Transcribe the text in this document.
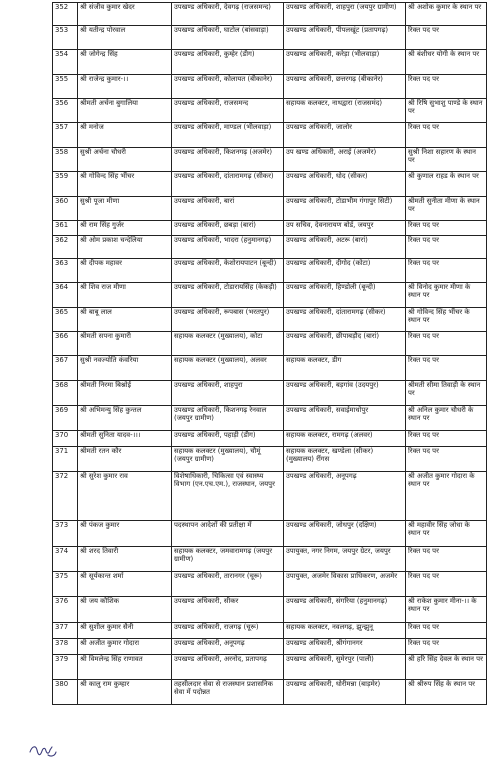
352	श्री संजीव कुमार खेदर	उपखण्ड अधिकारी, देवगढ़ (राजसमन्द)	उपखण्ड अधिकारी, शाहपुरा (जयपुर ग्रामीण)	श्री अशोक कुमार के स्थान पर
353	श्री यतीन्द्र पोरवाल	उपखण्ड अधिकारी, घाटोल (बांसवाड़ा)	उपखण्ड अधिकारी, पीपलखूंट (प्रतापगढ़)	रिक्त पद पर
354	श्री जोगेन्द्र सिंह	उपखण्ड अधिकारी, कुम्हेर (डीग)	उपखण्ड अधिकारी, करेड़ा (भीलवाड़ा)	श्री बंशीधर योगी के स्थान पर
355	श्री राजेन्द्र कुमार-।।	उपखण्ड अधिकारी, कोलायत (बीकानेर)	उपखण्ड अधिकारी, छत्तरगढ़ (बीकानेर)	रिक्त पद पर
356	श्रीमती अर्चना बुगालिया	उपखण्ड अधिकारी, राजसमन्द	सहायक कलक्टर, नाथद्वारा (राजसमंद)	श्री रिषि सुभाशु पाण्डे के स्थान पर
357	श्री मनोज	उपखण्ड अधिकारी, माण्डल (भीलवाड़ा)	उपखण्ड अधिकारी, जालोर	रिक्त पद पर
358	सुश्री अर्चना चौधरी	उपखण्ड अधिकारी, किशनगढ़ (अजमेर)	उप खण्ड अधिकारी, अराई (अजमेर)	सुश्री निशा सहारण के स्थान पर
359	श्री गोविन्द सिंह भींचर	उपखण्ड अधिकारी, दांतारामगढ़ (सीकर)	उपखण्ड अधिकारी, धोद (सीकर)	श्री कुणाल राहड के स्थान पर
360	सुश्री पूजा मीणा	उपखण्ड अधिकारी, बारां	उपखण्ड अधिकारी, टोडाभीम गंगापुर सिटी)	श्रीमती सुनीता मीणा के स्थान पर
361	श्री राम सिंह गुर्जर	उपखण्ड अधिकारी, छबड़ा (बारां)	उप सचिव, देवनारायण बोर्ड, जयपुर	रिक्त पद पर
362	श्री ओम प्रकाश चन्देलिया	उपखण्ड अधिकारी, भादरा (हनुमानगढ़)	उपखण्ड अधिकारी, अटरू (बारां)	रिक्त पद पर
363	श्री दीपक महावर	उपखण्ड अधिकारी, केशोरायपाटन (बून्दी)	उपखण्ड अधिकारी, दीगोद (कोटा)	रिक्त पद पर
364	श्री शिव राज मीणा	उपखण्ड अधिकारी, टोडारायसिंह (केकड़ी)	उपखण्ड अधिकारी, हिण्डोली (बून्दी)	श्री विनोद कुमार मीणा के स्थान पर
365	श्री बाबू लाल	उपखण्ड अधिकारी, रूपबास (भरतपुर)	उपखण्ड अधिकारी, दांतारामगढ़ (सीकर)	श्री गोविन्द सिंह भींचर के स्थान पर
366	श्रीमती सपना कुमारी	सहायक कलक्टर (मुख्यालय), कोटा	उपखण्ड अधिकारी, छीपाबड़ौद (बारां)	रिक्त पद पर
367	सुश्री नवज्योति कंवरिया	सहायक कलक्टर (मुख्यालय), अलवर	सहायक कलक्टर, डीग	रिक्त पद पर
368	श्रीमती निरमा बिश्नोई	उपखण्ड अधिकारी, शाहपुरा	उपखण्ड अधिकारी, बड़गांव (उदयपुर)	श्रीमती सीमा तिवाड़ी के स्थान पर
369	श्री अभिमन्यु सिंह कुन्तल	उपखण्ड अधिकारी, किशनगढ़ रेनवाल (जयपुर ग्रामीण)	उपखण्ड अधिकारी, सवाईमाधोपुर	श्री अनिल कुमार चौधरी के स्थान पर
370	श्रीमती सुनिता यादव-।।।	उपखण्ड अधिकारी, पहाड़ी (डीग)	सहायक कलक्टर, रामगढ़ (अलवर)	रिक्त पद पर
371	श्रीमती रतन कौर	सहायक कलक्टर (मुख्यालय), चौमूं (जयपुर ग्रामीण)	सहायक कलक्टर, खण्डेला (सीकर) (मुख्यालय) रींगस	रिक्त पद पर
372	श्री सुरेश कुमार राव	विशेषाधिकारी, चिकित्सा एवं स्वास्थ्य विभाग (एन.एच.एम.), राजस्थान, जयपुर	उपखण्ड अधिकारी, अनूपगढ़	श्री अजीत कुमार गोदारा के स्थान पर
373	श्री पंकज कुमार	पदस्थापन आदेशों की प्रतीक्षा में	उपखण्ड अधिकारी, जोधपुर (दक्षिण)	श्री महावीर सिंह जोधा के स्थान पर
374	श्री शरद तिवारी	सहायक कलक्टर, जमवारामगढ़ (जयपुर ग्रामीण)	उपायुक्त, नगर निगम, जयपुर ग्रेटर, जयपुर	रिक्त पद पर
375	श्री सूर्यकान्त शर्मा	उपखण्ड अधिकारी, तारानगर (चूरू)	उपायुक्त, अजमेर विकास प्राधिकरण, अजमेर	रिक्त पद पर
376	श्री जय कौशिक	उपखण्ड अधिकारी, सीकर	उपखण्ड अधिकारी, संगरिया (हनुमानगढ़)	श्री राकेश कुमार मीना-।। के स्थान पर
377	श्री सुशील कुमार सैनी	उपखण्ड अधिकारी, राजगढ़ (चूरू)	सहायक कलक्टर, नवलगढ़, झुन्झुनू	रिक्त पद पर
378	श्री अजीत कुमार गोदारा	उपखण्ड अधिकारी, अनूपगढ़	उपखण्ड अधिकारी, श्रीगंगानगर	रिक्त पद पर
379	श्री विमलेन्द्र सिंह राणावत	उपखण्ड अधिकारी, अरनोद, प्रतापगढ़	उपखण्ड अधिकारी, सुमेरपुर (पाली)	श्री हरि सिंह देवल के स्थान पर
380	श्री कालु राम कुम्हार	तहसीलदार सेवा से राजस्थान प्रशासनिक सेवा में पदोन्नत	उपखण्ड अधिकारी, धोरीमन्ना (बाड़मेर)	श्री श्रीरुप सिंह के स्थान पर
